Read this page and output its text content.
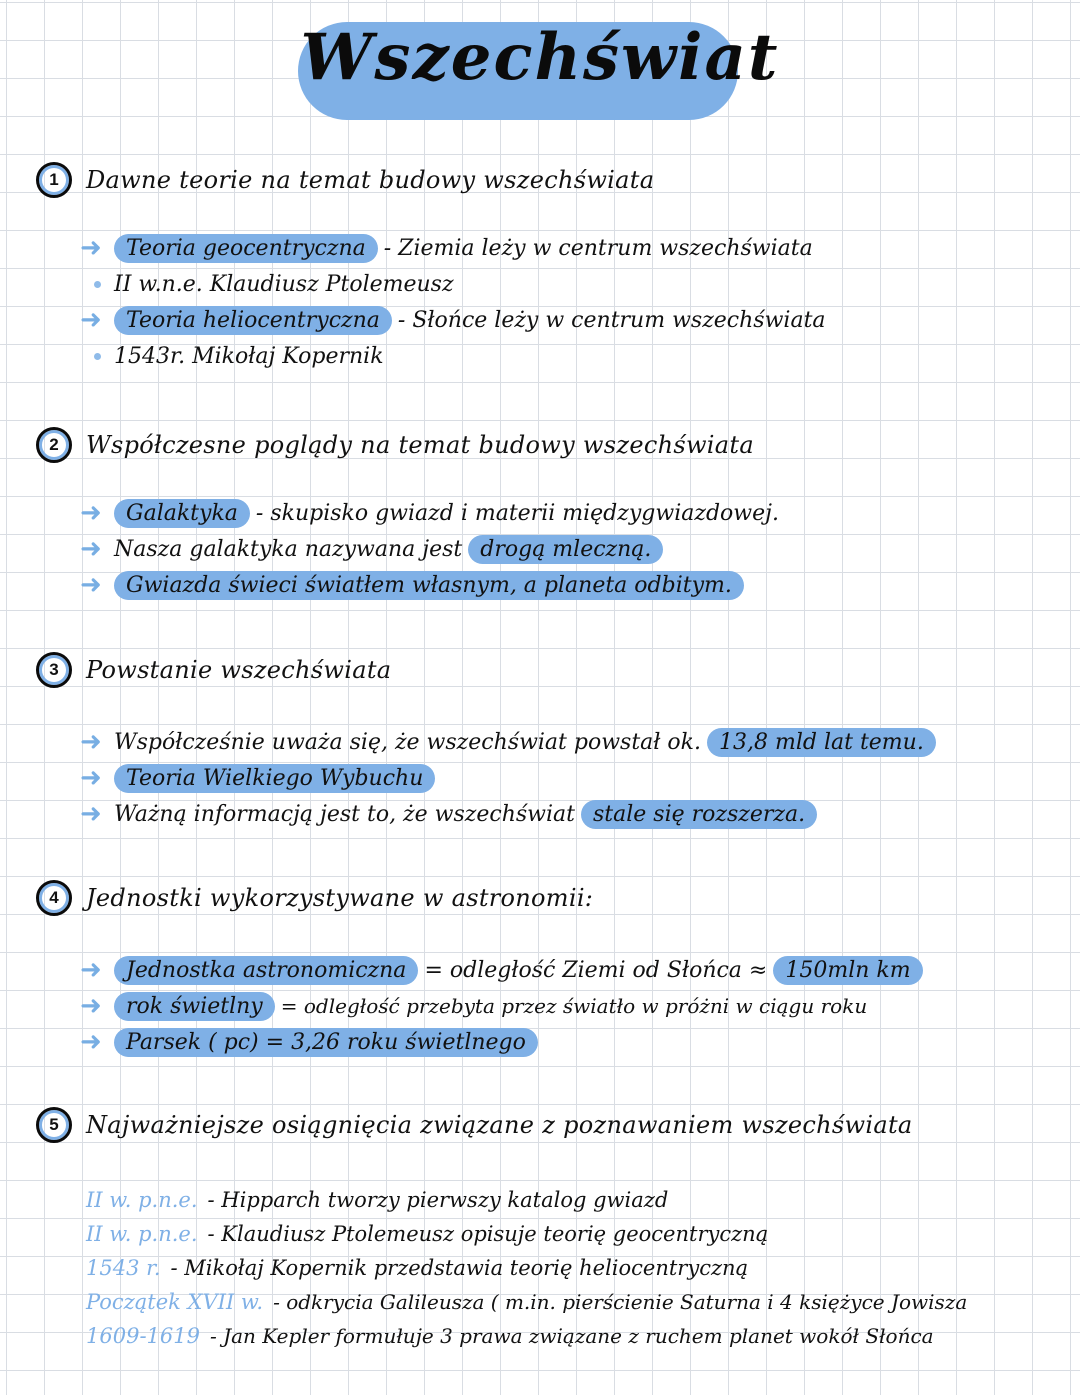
Wszechświat
1	Dawne teorie na temat budowy wszechświata
➜	Teoria geocentryczna - Ziemia leży w centrum wszechświata
II w.n.e. Klaudiusz Ptolemeusz
➜	Teoria heliocentryczna - Słońce leży w centrum wszechświata
1543r. Mikołaj Kopernik
2	Współczesne poglądy na temat budowy wszechświata
➜	Galaktyka - skupisko gwiazd i materii międzygwiazdowej.
➜ Nasza galaktyka nazywana jest drogą mleczną.
➜	Gwiazda świeci światłem własnym, a planeta odbitym.
3	Powstanie wszechświata
➜ Współcześnie uważa się, że wszechświat powstał ok. 13,8 mld lat temu.
➜	Teoria Wielkiego Wybuchu
➜ Ważną informacją jest to, że wszechświat stale się rozszerza.
4	Jednostki wykorzystywane w astronomii:
➜	Jednostka astronomiczna = odległość Ziemi od Słońca ≈ 150mln km
➜	rok świetlny = odległość przebyta przez światło w próżni w ciągu roku
➜	Parsek ( pc) = 3,26 roku świetlnego
5	Najważniejsze osiągnięcia związane z poznawaniem wszechświata
II w. p.n.e. - Hipparch tworzy pierwszy katalog gwiazd
II w. p.n.e. - Klaudiusz Ptolemeusz opisuje teorię geocentryczną
1543 r. - Mikołaj Kopernik przedstawia teorię heliocentryczną
Początek XVII w. - odkrycia Galileusza ( m.in. pierścienie Saturna i 4 księżyce Jowisza
1609-1619 - Jan Kepler formułuje 3 prawa związane z ruchem planet wokół Słońca
